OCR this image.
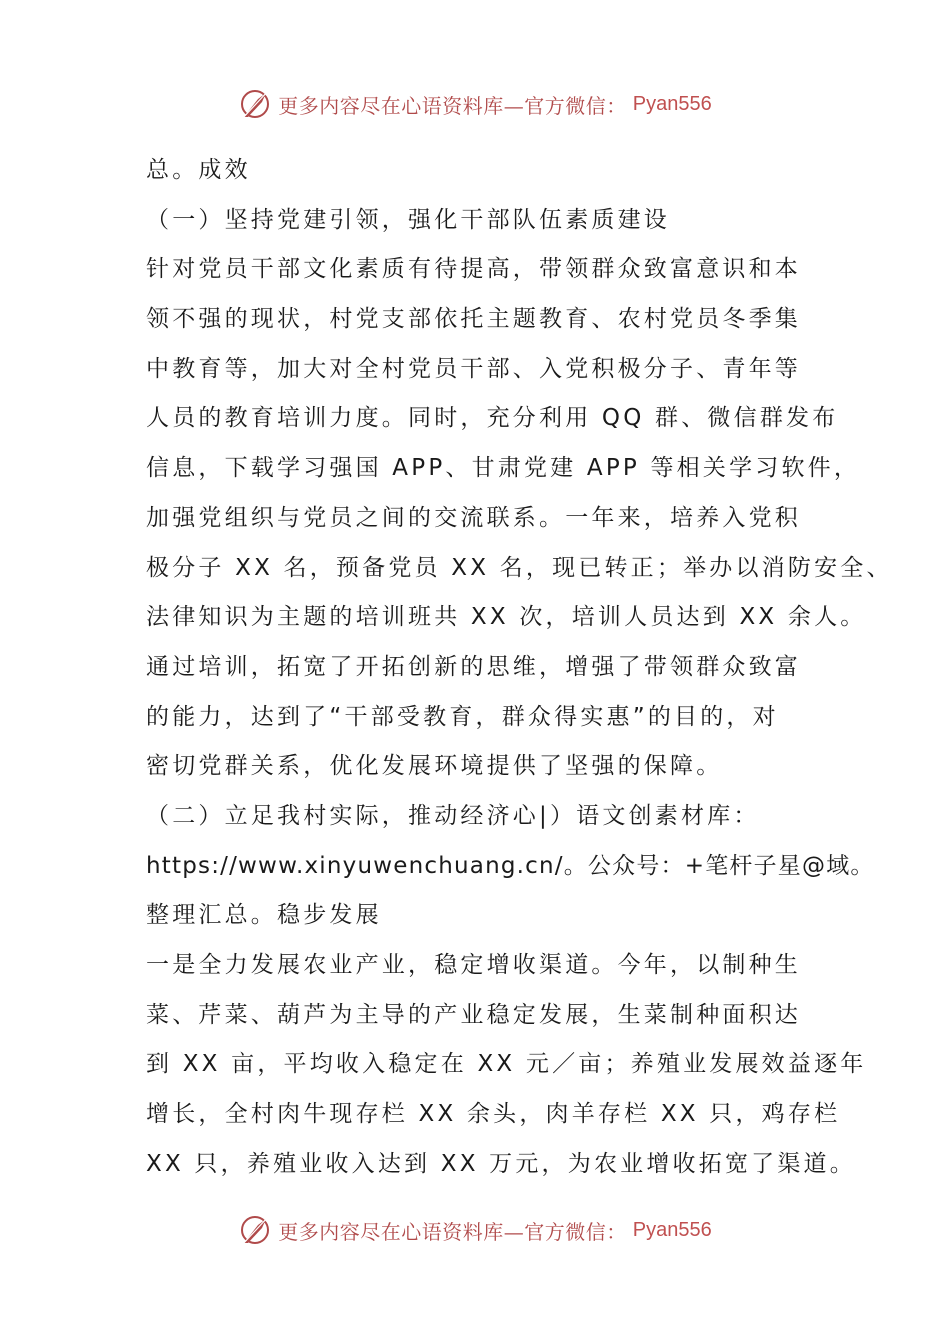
更多内容尽在心语资料库—官方微信： Pyan556
总。成效
（一）坚持党建引领，强化干部队伍素质建设
针对党员干部文化素质有待提高，带领群众致富意识和本
领不强的现状，村党支部依托主题教育、农村党员冬季集
中教育等，加大对全村党员干部、入党积极分子、青年等
人员的教育培训力度。同时，充分利用 QQ 群、微信群发布
信息，下载学习强国 APP、甘肃党建 APP 等相关学习软件，
加强党组织与党员之间的交流联系。一年来，培养入党积
极分子 XX 名，预备党员 XX 名，现已转正；举办以消防安全、
法律知识为主题的培训班共 XX 次，培训人员达到 XX 余人。
通过培训，拓宽了开拓创新的思维，增强了带领群众致富
的能力，达到了“干部受教育，群众得实惠”的目的，对
密切党群关系，优化发展环境提供了坚强的保障。
（二）立足我村实际，推动经济心|）语文创素材库：
https://www.xinyuwenchuang.cn/。公众号：+笔杆子星@域。
整理汇总。稳步发展
一是全力发展农业产业，稳定增收渠道。今年，以制种生
菜、芹菜、葫芦为主导的产业稳定发展，生菜制种面积达
到 XX 亩，平均收入稳定在 XX 元／亩；养殖业发展效益逐年
增长，全村肉牛现存栏 XX 余头，肉羊存栏 XX 只，鸡存栏
XX 只，养殖业收入达到 XX 万元，为农业增收拓宽了渠道。
更多内容尽在心语资料库—官方微信： Pyan556
